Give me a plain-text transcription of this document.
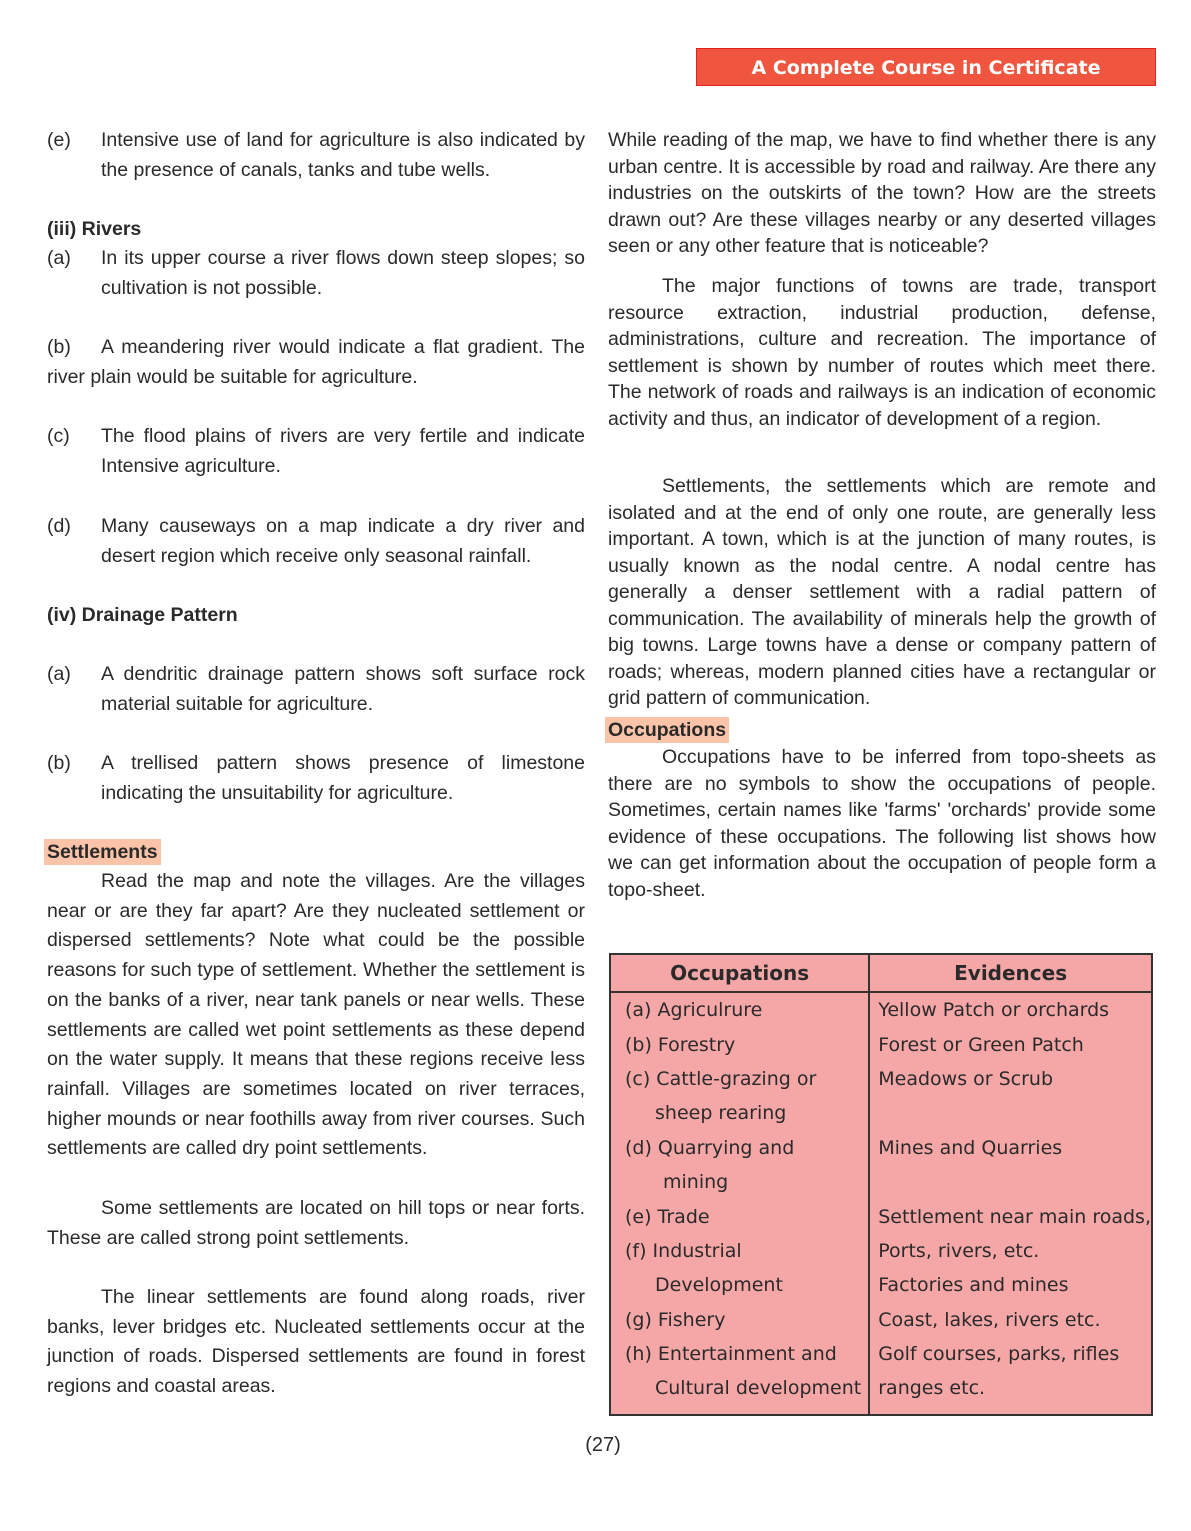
A Complete Course in Certificate Geography-II
(e)	Intensive use of land for agriculture is also indicated by the presence of canals, tanks and tube wells.
(iii) Rivers
(a)	In its upper course a river flows down steep slopes; so cultivation is not possible.
(b) A meandering river would indicate a flat gradient. The river plain would be suitable for agriculture.
(c)	The flood plains of rivers are very fertile and indicate Intensive agriculture.
(d)	Many causeways on a map indicate a dry river and desert region which receive only seasonal rainfall.
(iv) Drainage Pattern
(a)	A dendritic drainage pattern shows soft surface rock material suitable for agriculture.
(b)	A trellised pattern shows presence of limestone indicating the unsuitability for agriculture.
Settlements
Read the map and note the villages. Are the villages near or are they far apart? Are they nucleated settlement or dispersed settlements? Note what could be the possible reasons for such type of settlement. Whether the settlement is on the banks of a river, near tank panels or near wells. These settlements are called wet point settlements as these depend on the water supply. It means that these regions receive less rainfall. Villages are sometimes located on river terraces, higher mounds or near foothills away from river courses. Such settlements are called dry point settlements.
Some settlements are located on hill tops or near forts. These are called strong point settlements.
The linear settlements are found along roads, river banks, lever bridges etc. Nucleated settlements occur at the junction of roads. Dispersed settlements are found in forest regions and coastal areas.
While reading of the map, we have to find whether there is any urban centre. It is accessible by road and railway. Are there any industries on the outskirts of the town? How are the streets drawn out? Are these villages nearby or any deserted villages seen or any other feature that is noticeable?
The major functions of towns are trade, transport resource extraction, industrial production, defense, administrations, culture and recreation. The importance of settlement is shown by number of routes which meet there. The network of roads and railways is an indication of economic activity and thus, an indicator of development of a region.
Settlements, the settlements which are remote and isolated and at the end of only one route, are generally less important. A town, which is at the junction of many routes, is usually known as the nodal centre. A nodal centre has generally a denser settlement with a radial pattern of communication. The availability of minerals help the growth of big towns. Large towns have a dense or company pattern of roads; whereas, modern planned cities have a rectangular or grid pattern of communication.
Occupations
Occupations have to be inferred from topo-sheets as there are no symbols to show the occupations of people. Sometimes, certain names like 'farms' 'orchards' provide some evidence of these occupations. The following list shows how we can get information about the occupation of people form a topo-sheet.
Occupations	Evidences
(a) Agriculrure	Yellow Patch or orchards
(b) Forestry	Forest or Green Patch
(c) Cattle-grazing or	Meadows or Scrub
sheep rearing	
(d) Quarrying and	Mines and Quarries
mining	
(e) Trade	Settlement near main roads,
(f) Industrial	Ports, rivers, etc.
Development	Factories and mines
(g) Fishery	Coast, lakes, rivers etc.
(h) Entertainment and	Golf courses, parks, rifles
Cultural development	ranges etc.
(27)
